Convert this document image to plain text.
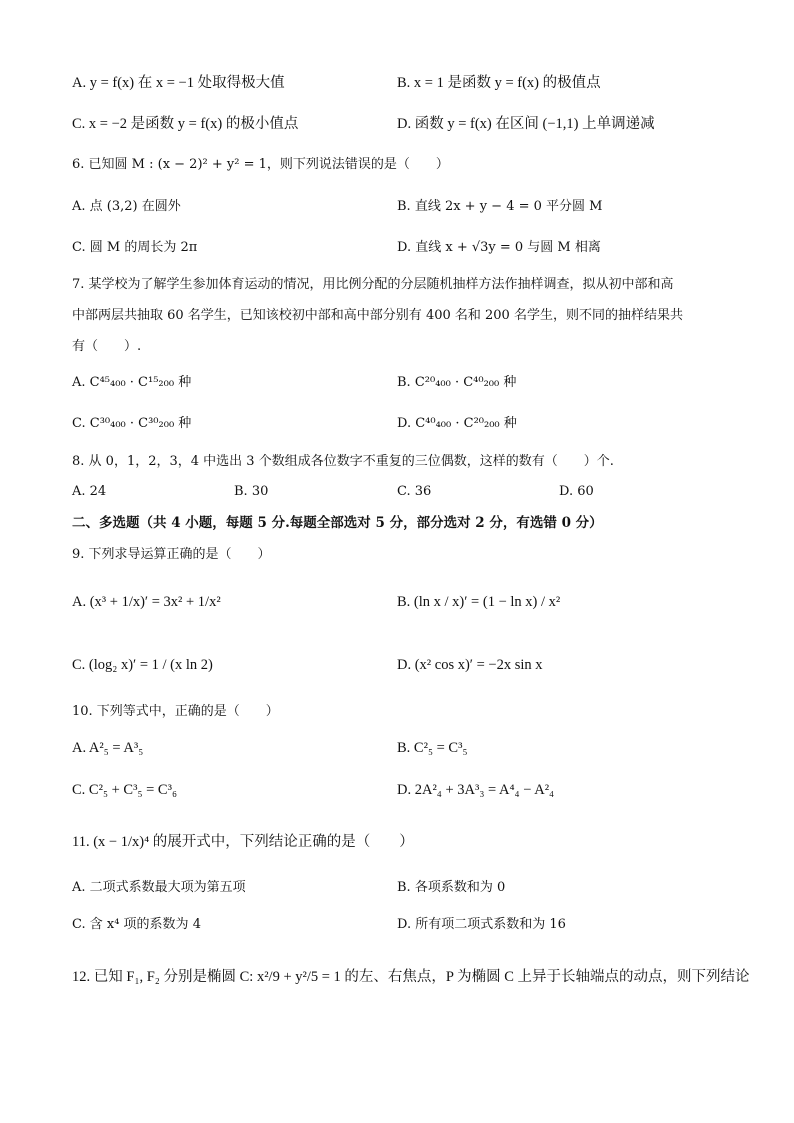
A. y = f(x) 在 x = −1 处取得极大值	B. x = 1 是函数 y = f(x) 的极值点
C. x = −2 是函数 y = f(x) 的极小值点	D. 函数 y = f(x) 在区间 (−1,1) 上单调递减
6. 已知圆 M : (x − 2)² + y² = 1，则下列说法错误的是（　　）
A. 点 (3,2) 在圆外	B. 直线 2x + y − 4 = 0 平分圆 M
C. 圆 M 的周长为 2π	D. 直线 x + √3y = 0 与圆 M 相离
7. 某学校为了解学生参加体育运动的情况，用比例分配的分层随机抽样方法作抽样调查，拟从初中部和高
中部两层共抽取 60 名学生，已知该校初中部和高中部分别有 400 名和 200 名学生，则不同的抽样结果共
有（　　）.
A. C⁴⁵₄₀₀ · C¹⁵₂₀₀ 种	B. C²⁰₄₀₀ · C⁴⁰₂₀₀ 种
C. C³⁰₄₀₀ · C³⁰₂₀₀ 种	D. C⁴⁰₄₀₀ · C²⁰₂₀₀ 种
8. 从 0，1，2，3，4 中选出 3 个数组成各位数字不重复的三位偶数，这样的数有（　　）个.
A. 24	B. 30	C. 36	D. 60
二、多选题（共 4 小题，每题 5 分.每题全部选对 5 分，部分选对 2 分，有选错 0 分）
9. 下列求导运算正确的是（　　）
A. (x³ + 1/x)′ = 3x² + 1/x²	B. (ln x / x)′ = (1 − ln x) / x²
C. (log₂ x)′ = 1 / (x ln 2)	D. (x² cos x)′ = −2x sin x
10. 下列等式中，正确的是（　　）
A. A²₅ = A³₅	B. C²₅ = C³₅
C. C²₅ + C³₅ = C³₆	D. 2A²₄ + 3A³₃ = A⁴₄ − A²₄
11. (x − 1/x)⁴ 的展开式中，下列结论正确的是（　　）
A. 二项式系数最大项为第五项	B. 各项系数和为 0
C. 含 x⁴ 项的系数为 4	D. 所有项二项式系数和为 16
12. 已知 F₁, F₂ 分别是椭圆 C: x²/9 + y²/5 = 1 的左、右焦点，P 为椭圆 C 上异于长轴端点的动点，则下列结论
